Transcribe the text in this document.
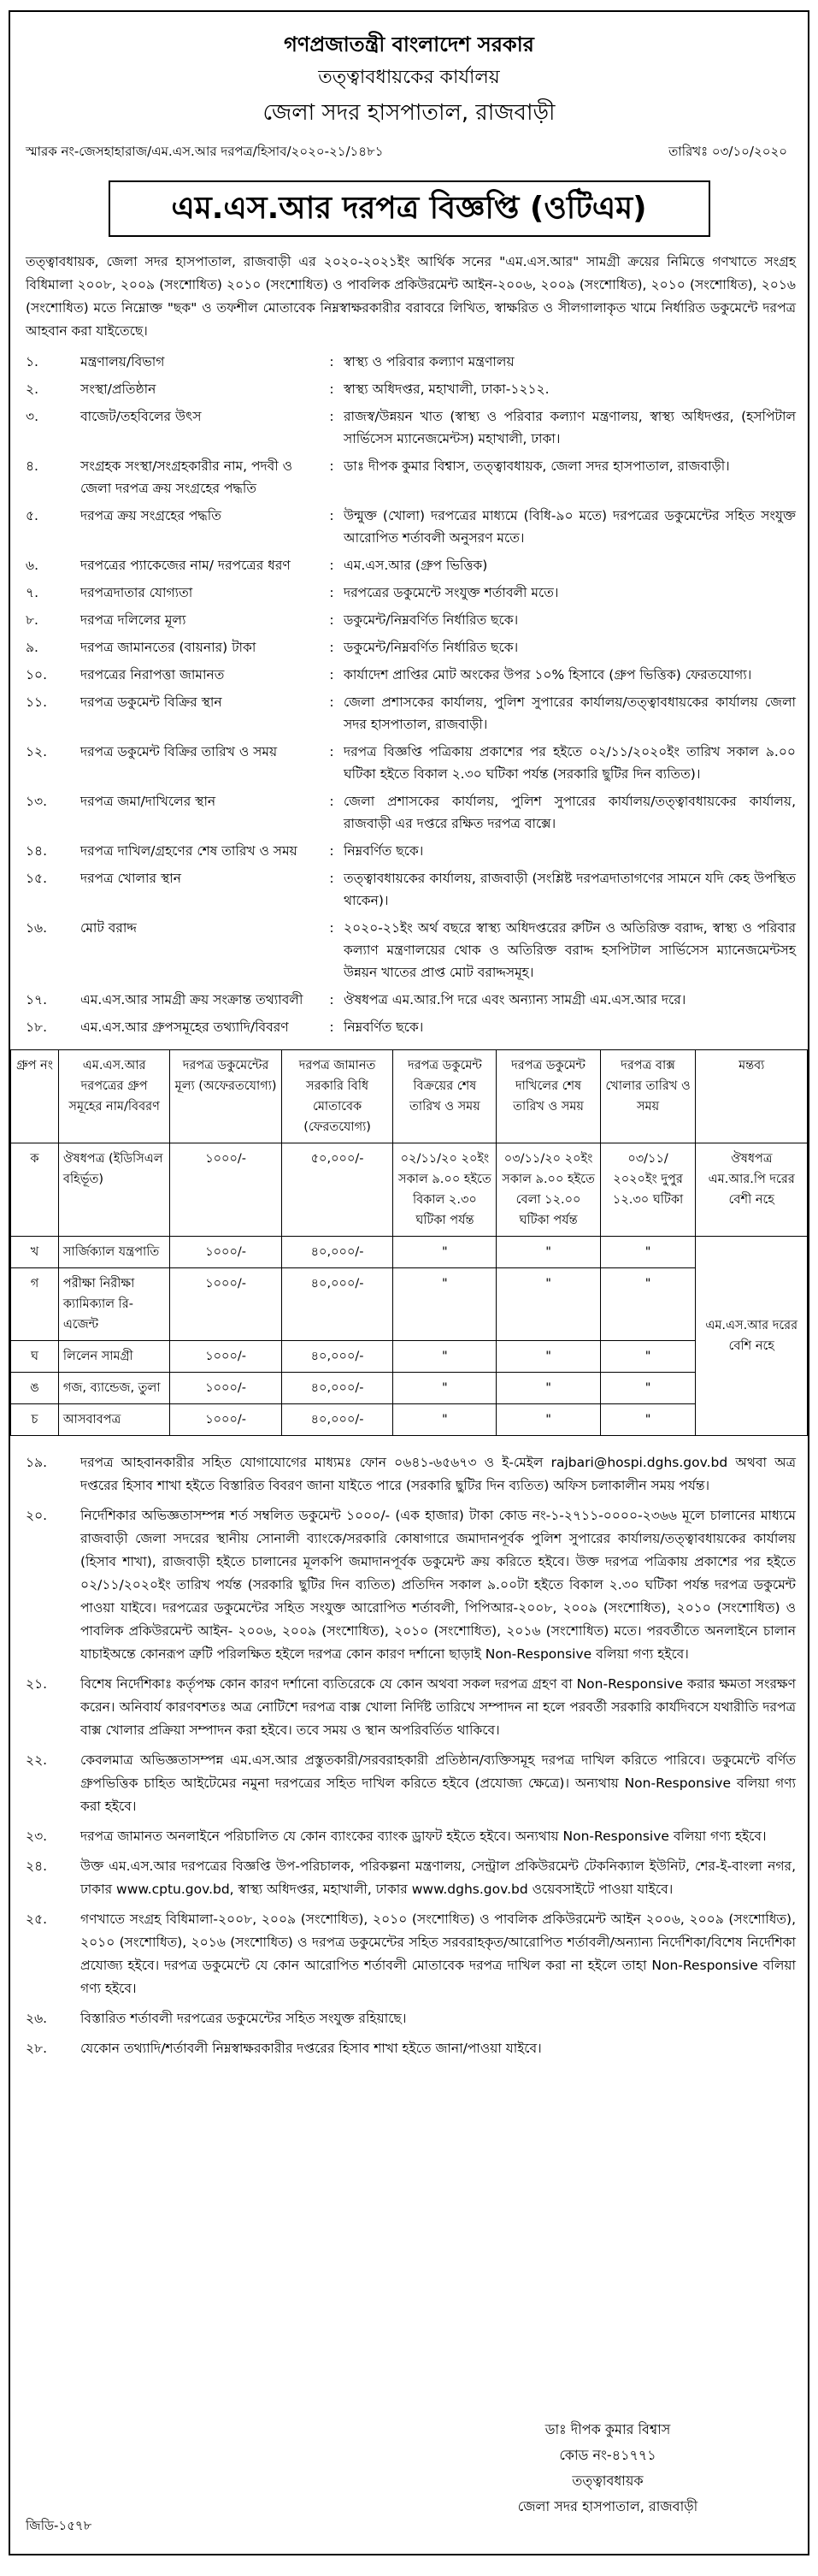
গণপ্রজাতন্ত্রী বাংলাদেশ সরকার
তত্ত্বাবধায়কের কার্যালয়
জেলা সদর হাসপাতাল, রাজবাড়ী
স্মারক নং-জেসহাহারাজ/এম.এস.আর দরপত্র/হিসাব/২০২০-২১/১৪৮১	তারিখঃ ০৩/১০/২০২০
এম.এস.আর দরপত্র বিজ্ঞপ্তি (ওটিএম)
তত্ত্বাবধায়ক, জেলা সদর হাসপাতাল, রাজবাড়ী এর ২০২০-২০২১ইং আর্থিক সনের "এম.এস.আর" সামগ্রী ক্রয়ের নিমিত্তে গণখাতে সংগ্রহ বিধিমালা ২০০৮, ২০০৯ (সংশোধিত) ২০১০ (সংশোধিত) ও পাবলিক প্রকিউরমেন্ট আইন-২০০৬, ২০০৯ (সংশোধিত), ২০১০ (সংশোধিত), ২০১৬ (সংশোধিত) মতে নিম্নোক্ত "ছক" ও তফশীল মোতাবেক নিম্নস্বাক্ষরকারীর বরাবরে লিখিত, স্বাক্ষরিত ও সীলগালাকৃত খামে নির্ধারিত ডকুমেন্টে দরপত্র আহবান করা যাইতেছে।
১.	মন্ত্রণালয়/বিভাগ	: স্বাস্থ্য ও পরিবার কল্যাণ মন্ত্রণালয়
২.	সংস্থা/প্রতিষ্ঠান	: স্বাস্থ্য অধিদপ্তর, মহাখালী, ঢাকা-১২১২.
৩.	বাজেট/তহবিলের উৎস	: রাজস্ব/উন্নয়ন খাত (স্বাস্থ্য ও পরিবার কল্যাণ মন্ত্রণালয়, স্বাস্থ্য অধিদপ্তর, (হসপিটাল সার্ভিসেস ম্যানেজমেন্টস) মহাখালী, ঢাকা।
৪.	সংগ্রহক সংস্থা/সংগ্রহকারীর নাম, পদবী ও জেলা দরপত্র ক্রয় সংগ্রহের পদ্ধতি
: ডাঃ দীপক কুমার বিশ্বাস, তত্ত্বাবধায়ক, জেলা সদর হাসপাতাল, রাজবাড়ী।
৫.	দরপত্র ক্রয় সংগ্রহের পদ্ধতি	: উন্মুক্ত (খোলা) দরপত্রের মাধ্যমে (বিধি-৯০ মতে) দরপত্রের ডকুমেন্টের সহিত সংযুক্ত আরোপিত শর্তাবলী অনুসরণ মতে।
৬.	দরপত্রের প্যাকেজের নাম/ দরপত্রের ধরণ	: এম.এস.আর (গ্রুপ ভিত্তিক)
৭.	দরপত্রদাতার যোগ্যতা	: দরপত্রের ডকুমেন্টে সংযুক্ত শর্তাবলী মতে।
৮.	দরপত্র দলিলের মূল্য	: ডকুমেন্ট/নিম্নবর্ণিত নির্ধারিত ছকে।
৯.	দরপত্র জামানতের (বায়নার) টাকা	: ডকুমেন্ট/নিম্নবর্ণিত নির্ধারিত ছকে।
১০.	দরপত্রের নিরাপত্তা জামানত	: কার্যাদেশ প্রাপ্তির মোট অংকের উপর ১০% হিসাবে (গ্রুপ ভিত্তিক) ফেরতযোগ্য।
১১.	দরপত্র ডকুমেন্ট বিক্রির স্থান	: জেলা প্রশাসকের কার্যালয়, পুলিশ সুপারের কার্যালয়/তত্ত্বাবধায়কের কার্যালয় জেলা সদর হাসপাতাল, রাজবাড়ী।
১২.	দরপত্র ডকুমেন্ট বিক্রির তারিখ ও সময়	: দরপত্র বিজ্ঞপ্তি পত্রিকায় প্রকাশের পর হইতে ০২/১১/২০২০ইং তারিখ সকাল ৯.০০ ঘটিকা হইতে বিকাল ২.৩০ ঘটিকা পর্যন্ত (সরকারি ছুটির দিন ব্যতিত)।
১৩.	দরপত্র জমা/দাখিলের স্থান	: জেলা প্রশাসকের কার্যালয়, পুলিশ সুপারের কার্যালয়/তত্ত্বাবধায়কের কার্যালয়, রাজবাড়ী এর দপ্তরে রক্ষিত দরপত্র বাক্সে।
১৪.	দরপত্র দাখিল/গ্রহণের শেষ তারিখ ও সময়	: নিম্নবর্ণিত ছকে।
১৫.	দরপত্র খোলার স্থান	: তত্ত্বাবধায়কের কার্যালয়, রাজবাড়ী (সংশ্লিষ্ট দরপত্রদাতাগণের সামনে যদি কেহ উপস্থিত থাকেন)।
১৬.	মোট বরাদ্দ	: ২০২০-২১ইং অর্থ বছরে স্বাস্থ্য অধিদপ্তরের রুটিন ও অতিরিক্ত বরাদ্দ, স্বাস্থ্য ও পরিবার কল্যাণ মন্ত্রণালয়ের থোক ও অতিরিক্ত বরাদ্দ হসপিটাল সার্ভিসেস ম্যানেজমেন্টসহ উন্নয়ন খাতের প্রাপ্ত মোট বরাদ্দসমূহ।
১৭.	এম.এস.আর সামগ্রী ক্রয় সংক্রান্ত তথ্যাবলী	: ঔষধপত্র এম.আর.পি দরে এবং অন্যান্য সামগ্রী এম.এস.আর দরে।
১৮.	এম.এস.আর গ্রুপসমূহের তথ্যাদি/বিবরণ	: নিম্নবর্ণিত ছকে।
গ্রুপ নং	এম.এস.আর দরপত্রের গ্রুপ সমূহের নাম/বিবরণ	দরপত্র ডকুমেন্টের মূল্য (অফেরতযোগ্য)	দরপত্র জামানত সরকারি বিধি মোতাবেক (ফেরতযোগ্য)	দরপত্র ডকুমেন্ট বিক্রয়ের শেষ তারিখ ও সময়	দরপত্র ডকুমেন্ট দাখিলের শেষ তারিখ ও সময়	দরপত্র বাক্স খোলার তারিখ ও সময়	মন্তব্য
ক	ঔষধপত্র (ইডিসিএল বহির্ভূত)	১০০০/-	৫০,০০০/-	০২/১১/২০ ২০ইং সকাল ৯.০০ হইতে বিকাল ২.৩০ ঘটিকা পর্যন্ত	০৩/১১/২০ ২০ইং সকাল ৯.০০ হইতে বেলা ১২.০০ ঘটিকা পর্যন্ত	০৩/১১/ ২০২০ইং দুপুর ১২.৩০ ঘটিকা	ঔষধপত্র এম.আর.পি দরের বেশী নহে
খ	সার্জিক্যাল যন্ত্রপাতি	১০০০/-	৪০,০০০/-	"	"	"	এম.এস.আর দরের বেশি নহে
গ	পরীক্ষা নিরীক্ষা ক্যামিক্যাল রি- এজেন্ট	১০০০/-	৪০,০০০/-	"	"	"	
ঘ	লিলেন সামগ্রী	১০০০/-	৪০,০০০/-	"	"	"	
ঙ	গজ, ব্যান্ডেজ, তুলা	১০০০/-	৪০,০০০/-	"	"	"	
চ	আসবাবপত্র	১০০০/-	৪০,০০০/-	"	"	"	
১৯.	দরপত্র আহবানকারীর সহিত যোগাযোগের মাধ্যমঃ ফোন ০৬৪১-৬৫৬৭৩ ও ই-মেইল rajbari@hospi.dghs.gov.bd অথবা অত্র দপ্তরের হিসাব শাখা হইতে বিস্তারিত বিবরণ জানা যাইতে পারে (সরকারি ছুটির দিন ব্যতিত) অফিস চলাকালীন সময় পর্যন্ত।
২০.	নির্দেশিকার অভিজ্ঞতাসম্পন্ন শর্ত সম্বলিত ডকুমেন্ট ১০০০/- (এক হাজার) টাকা কোড নং-১-২৭১১-০০০০-২৩৬৬ মূলে চালানের মাধ্যমে রাজবাড়ী জেলা সদরের স্থানীয় সোনালী ব্যাংকে/সরকারি কোষাগারে জমাদানপূর্বক পুলিশ সুপারের কার্যালয়/তত্ত্বাবধায়কের কার্যালয় (হিসাব শাখা), রাজবাড়ী হইতে চালানের মূলকপি জমাদানপূর্বক ডকুমেন্ট ক্রয় করিতে হইবে। উক্ত দরপত্র পত্রিকায় প্রকাশের পর হইতে ০২/১১/২০২০ইং তারিখ পর্যন্ত (সরকারি ছুটির দিন ব্যতিত) প্রতিদিন সকাল ৯.০০টা হইতে বিকাল ২.৩০ ঘটিকা পর্যন্ত দরপত্র ডকুমেন্ট পাওয়া যাইবে। দরপত্রের ডকুমেন্টের সহিত সংযুক্ত আরোপিত শর্তাবলী, পিপিআর-২০০৮, ২০০৯ (সংশোধিত), ২০১০ (সংশোধিত) ও পাবলিক প্রকিউরমেন্ট আইন- ২০০৬, ২০০৯ (সংশোধিত), ২০১০ (সংশোধিত), ২০১৬ (সংশোধিত) মতে। পরবর্তীতে অনলাইনে চালান যাচাইঅন্তে কোনরূপ ত্রুটি পরিলক্ষিত হইলে দরপত্র কোন কারণ দর্শানো ছাড়াই Non-Responsive বলিয়া গণ্য হইবে।
২১.	বিশেষ নির্দেশিকাঃ কর্তৃপক্ষ কোন কারণ দর্শানো ব্যতিরেকে যে কোন অথবা সকল দরপত্র গ্রহণ বা Non-Responsive করার ক্ষমতা সংরক্ষণ করেন। অনিবার্য কারণবশতঃ অত্র নোটিশে দরপত্র বাক্স খোলা নির্দিষ্ট তারিখে সম্পাদন না হলে পরবর্তী সরকারি কার্যদিবসে যথারীতি দরপত্র বাক্স খোলার প্রক্রিয়া সম্পাদন করা হইবে। তবে সময় ও স্থান অপরিবর্তিত থাকিবে।
২২.	কেবলমাত্র অভিজ্ঞতাসম্পন্ন এম.এস.আর প্রস্তুতকারী/সরবরাহকারী প্রতিষ্ঠান/ব্যক্তিসমূহ দরপত্র দাখিল করিতে পারিবে। ডকুমেন্টে বর্ণিত গ্রুপভিত্তিক চাহিত আইটেমের নমুনা দরপত্রের সহিত দাখিল করিতে হইবে (প্রযোজ্য ক্ষেত্রে)। অন্যথায় Non-Responsive বলিয়া গণ্য করা হইবে।
২৩.	দরপত্র জামানত অনলাইনে পরিচালিত যে কোন ব্যাংকের ব্যাংক ড্রাফট হইতে হইবে। অন্যথায় Non-Responsive বলিয়া গণ্য হইবে।
২৪.	উক্ত এম.এস.আর দরপত্রের বিজ্ঞপ্তি উপ-পরিচালক, পরিকল্পনা মন্ত্রণালয়, সেন্ট্রাল প্রকিউরমেন্ট টেকনিক্যাল ইউনিট, শের-ই-বাংলা নগর, ঢাকার www.cptu.gov.bd, স্বাস্থ্য অধিদপ্তর, মহাখালী, ঢাকার www.dghs.gov.bd ওয়েবসাইটে পাওয়া যাইবে।
২৫.	গণখাতে সংগ্রহ বিধিমালা-২০০৮, ২০০৯ (সংশোধিত), ২০১০ (সংশোধিত) ও পাবলিক প্রকিউরমেন্ট আইন ২০০৬, ২০০৯ (সংশোধিত), ২০১০ (সংশোধিত), ২০১৬ (সংশোধিত) ও দরপত্র ডকুমেন্টের সহিত সরবরাহকৃত/আরোপিত শর্তাবলী/অন্যান্য নির্দেশিকা/বিশেষ নির্দেশিকা প্রযোজ্য হইবে। দরপত্র ডকুমেন্টে যে কোন আরোপিত শর্তাবলী মোতাবেক দরপত্র দাখিল করা না হইলে তাহা Non-Responsive বলিয়া গণ্য হইবে।
২৬.	বিস্তারিত শর্তাবলী দরপত্রের ডকুমেন্টের সহিত সংযুক্ত রহিয়াছে।
২৮.	যেকোন তথ্যাদি/শর্তাবলী নিম্নস্বাক্ষরকারীর দপ্তরের হিসাব শাখা হইতে জানা/পাওয়া যাইবে।
ডাঃ দীপক কুমার বিশ্বাস
কোড নং-৪১৭৭১
তত্ত্বাবধায়ক
জেলা সদর হাসপাতাল, রাজবাড়ী
জিডি-১৫৭৮
